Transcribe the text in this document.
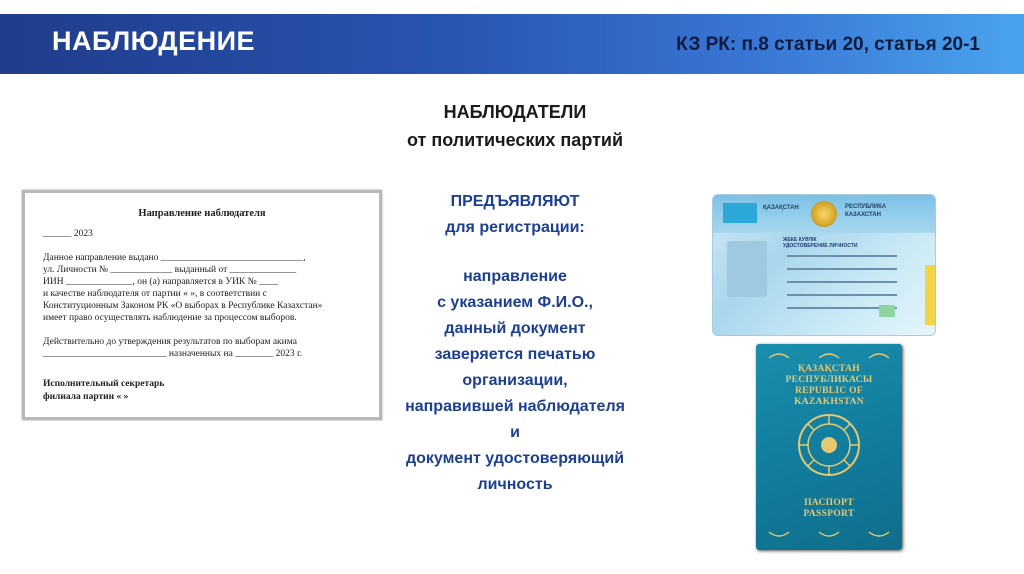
НАБЛЮДЕНИЕ	КЗ РК: п.8 статьи 20, статья 20-1
НАБЛЮДАТЕЛИ
от политических партий
ПРЕДЪЯВЛЯЮТ
для регистрации:
направление
с указанием Ф.И.О.,
данный документ
заверяется печатью
организации,
направившей наблюдателя
и
документ удостоверяющий
личность
Направление наблюдателя
______ 2023
Данное направление выдано ______________________________,
ул. Личности № _____________ выданный от ______________
ИИН ______________, он (а) направляется в УИК № ____
и качестве наблюдателя от партии « », в соответствии с
Конституционным Законом РК «О выборах в Республике Казахстан»
имеет право осуществлять наблюдение за процессом выборов.
Действительно до утверждения результатов по выборам акима
__________________________ назначенных на ________ 2023 г.
Исполнительный секретарь
филиала партии « »
ҚАЗАҚСТАН	РЕСПУБЛИКА
КАЗАХСТАН
ЖЕКЕ КУӘЛІК
УДОСТОВЕРЕНИЕ ЛИЧНОСТИ
ҚАЗАҚСТАН
РЕСПУБЛИКАСЫ
REPUBLIC OF
KAZAKHSTAN
ПАСПОРТ
PASSPORT
